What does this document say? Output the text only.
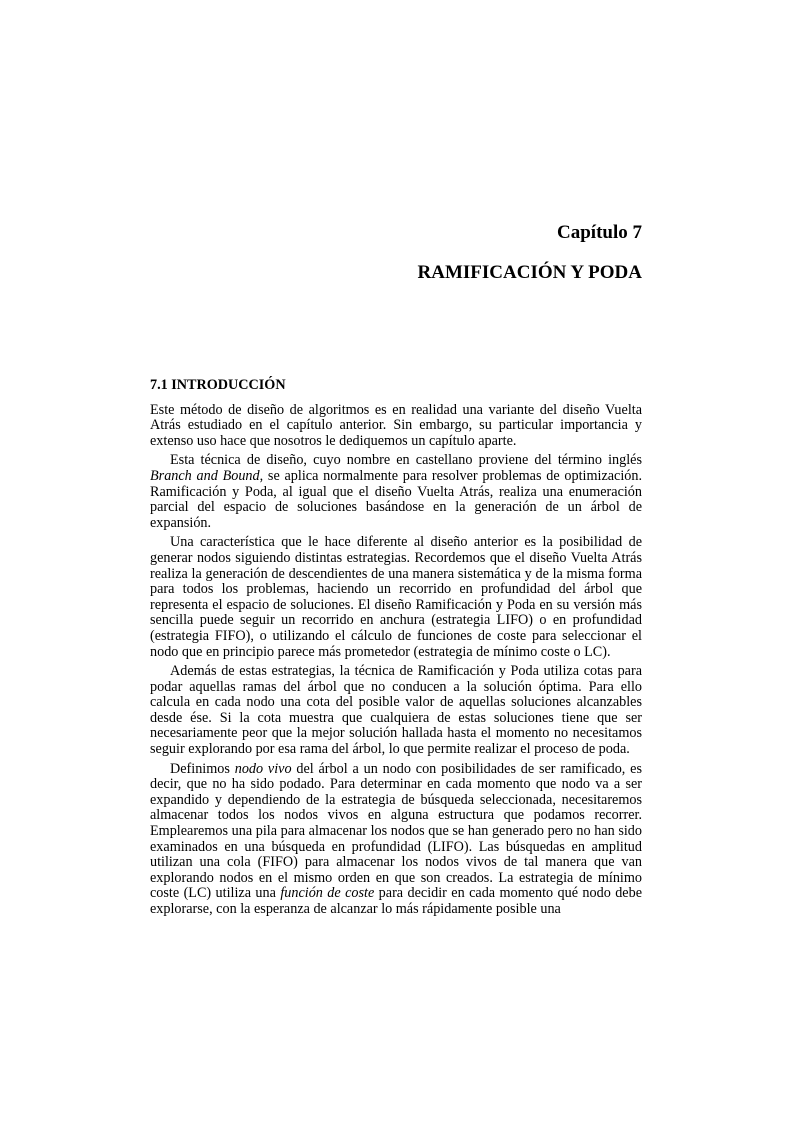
Capítulo 7
RAMIFICACIÓN Y PODA
7.1 INTRODUCCIÓN

Este método de diseño de algoritmos es en realidad una variante del diseño Vuelta Atrás estudiado en el capítulo anterior. Sin embargo, su particular importancia y extenso uso hace que nosotros le dediquemos un capítulo aparte.

Esta técnica de diseño, cuyo nombre en castellano proviene del término inglés Branch and Bound, se aplica normalmente para resolver problemas de optimización. Ramificación y Poda, al igual que el diseño Vuelta Atrás, realiza una enumeración parcial del espacio de soluciones basándose en la generación de un árbol de expansión.

Una característica que le hace diferente al diseño anterior es la posibilidad de generar nodos siguiendo distintas estrategias. Recordemos que el diseño Vuelta Atrás realiza la generación de descendientes de una manera sistemática y de la misma forma para todos los problemas, haciendo un recorrido en profundidad del árbol que representa el espacio de soluciones. El diseño Ramificación y Poda en su versión más sencilla puede seguir un recorrido en anchura (estrategia LIFO) o en profundidad (estrategia FIFO), o utilizando el cálculo de funciones de coste para seleccionar el nodo que en principio parece más prometedor (estrategia de mínimo coste o LC).

Además de estas estrategias, la técnica de Ramificación y Poda utiliza cotas para podar aquellas ramas del árbol que no conducen a la solución óptima. Para ello calcula en cada nodo una cota del posible valor de aquellas soluciones alcanzables desde ése. Si la cota muestra que cualquiera de estas soluciones tiene que ser necesariamente peor que la mejor solución hallada hasta el momento no necesitamos seguir explorando por esa rama del árbol, lo que permite realizar el proceso de poda.

Definimos nodo vivo del árbol a un nodo con posibilidades de ser ramificado, es decir, que no ha sido podado. Para determinar en cada momento que nodo va a ser expandido y dependiendo de la estrategia de búsqueda seleccionada, necesitaremos almacenar todos los nodos vivos en alguna estructura que podamos recorrer. Emplearemos una pila para almacenar los nodos que se han generado pero no han sido examinados en una búsqueda en profundidad (LIFO). Las búsquedas en amplitud utilizan una cola (FIFO) para almacenar los nodos vivos de tal manera que van explorando nodos en el mismo orden en que son creados. La estrategia de mínimo coste (LC) utiliza una función de coste para decidir en cada momento qué nodo debe explorarse, con la esperanza de alcanzar lo más rápidamente posible una
